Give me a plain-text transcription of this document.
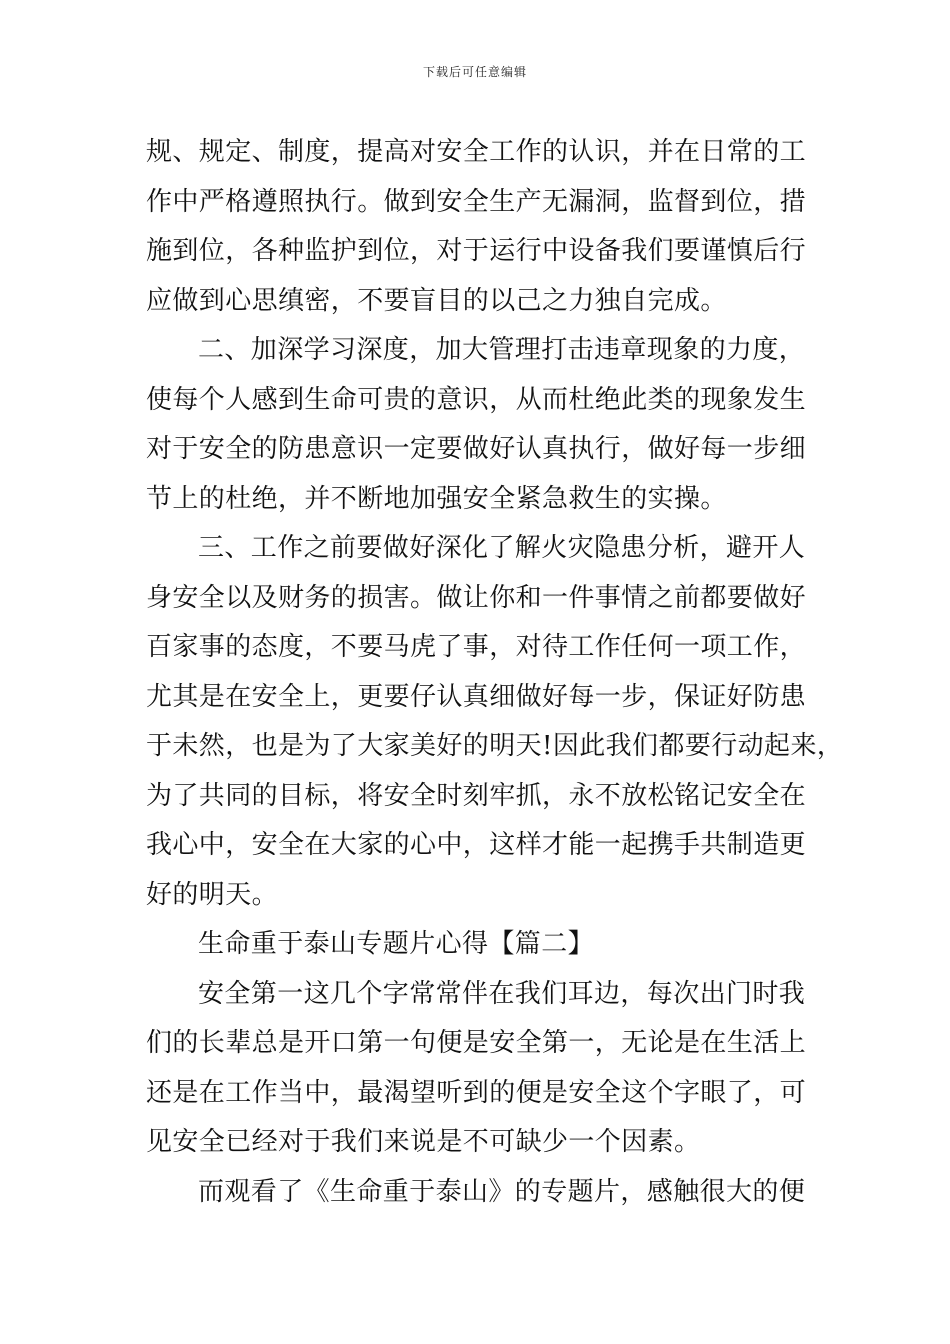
下载后可任意编辑
规、规定、制度，提高对安全工作的认识，并在日常的工
作中严格遵照执行。做到安全生产无漏洞，监督到位，措
施到位，各种监护到位，对于运行中设备我们要谨慎后行
应做到心思缜密，不要盲目的以己之力独自完成。
二、加深学习深度，加大管理打击违章现象的力度，
使每个人感到生命可贵的意识，从而杜绝此类的现象发生
对于安全的防患意识一定要做好认真执行，做好每一步细
节上的杜绝，并不断地加强安全紧急救生的实操。
三、工作之前要做好深化了解火灾隐患分析，避开人
身安全以及财务的损害。做让你和一件事情之前都要做好
百家事的态度，不要马虎了事，对待工作任何一项工作，
尤其是在安全上，更要仔认真细做好每一步，保证好防患
于未然，也是为了大家美好的明天!因此我们都要行动起来，
为了共同的目标，将安全时刻牢抓，永不放松铭记安全在
我心中，安全在大家的心中，这样才能一起携手共制造更
好的明天。
生命重于泰山专题片心得【篇二】
安全第一这几个字常常伴在我们耳边，每次出门时我
们的长辈总是开口第一句便是安全第一，无论是在生活上
还是在工作当中，最渴望听到的便是安全这个字眼了，可
见安全已经对于我们来说是不可缺少一个因素。
而观看了《生命重于泰山》的专题片，感触很大的便
